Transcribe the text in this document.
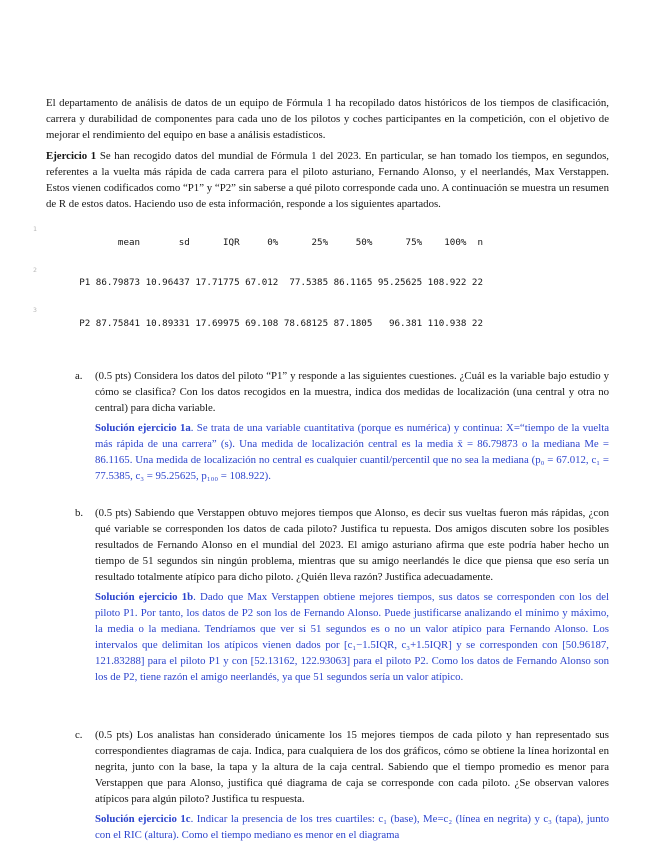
El departamento de análisis de datos de un equipo de Fórmula 1 ha recopilado datos históricos de los tiempos de clasificación, carrera y durabilidad de componentes para cada uno de los pilotos y coches participantes en la competición, con el objetivo de mejorar el rendimiento del equipo en base a análisis estadísticos.

Ejercicio 1 Se han recogido datos del mundial de Fórmula 1 del 2023. En particular, se han tomado los tiempos, en segundos, referentes a la vuelta más rápida de cada carrera para el piloto asturiano, Fernando Alonso, y el neerlandés, Max Verstappen. Estos vienen codificados como “P1” y “P2” sin saberse a qué piloto corresponde cada uno. A continuación se muestra un resumen de R de estos datos. Haciendo uso de esta información, responde a los siguientes apartados.

1
mean       sd      IQR     0%      25%     50%      75%    100%  n

2
P1 86.79873 10.96437 17.71775 67.012  77.5385 86.1165 95.25625 108.922 22

3
P2 87.75841 10.89331 17.69975 69.108 78.68125 87.1805   96.381 110.938 22

a.	(0.5 pts) Considera los datos del piloto “P1” y responde a las siguientes cuestiones. ¿Cuál es la variable bajo estudio y cómo se clasifica? Con los datos recogidos en la muestra, indica dos medidas de localización (una central y otra no central) para dicha variable.

Solución ejercicio 1a. Se trata de una variable cuantitativa (porque es numérica) y continua: X=“tiempo de la vuelta más rápida de una carrera” (s). Una medida de localización central es la media x̄ = 86.79873 o la mediana Me = 86.1165. Una medida de localización no central es cualquier cuantil/percentil que no sea la mediana (p₀ = 67.012, c₁ = 77.5385, c₃ = 95.25625, p₁₀₀ = 108.922).

b.	(0.5 pts) Sabiendo que Verstappen obtuvo mejores tiempos que Alonso, es decir sus vueltas fueron más rápidas, ¿con qué variable se corresponden los datos de cada piloto? Justifica tu repuesta. Dos amigos discuten sobre los posibles resultados de Fernando Alonso en el mundial del 2023. El amigo asturiano afirma que este podría haber hecho un tiempo de 51 segundos sin ningún problema, mientras que su amigo neerlandés le dice que piensa que eso sería un resultado totalmente atípico para dicho piloto. ¿Quién lleva razón? Justifica adecuadamente.

Solución ejercicio 1b. Dado que Max Verstappen obtiene mejores tiempos, sus datos se corresponden con los del piloto P1. Por tanto, los datos de P2 son los de Fernando Alonso. Puede justificarse analizando el mínimo y máximo, la media o la mediana. Tendríamos que ver si 51 segundos es o no un valor atípico para Fernando Alonso. Los intervalos que delimitan los atípicos vienen dados por [c₁−1.5IQR, c₃+1.5IQR] y se corresponden con [50.96187, 121.83288] para el piloto P1 y con [52.13162, 122.93063] para el piloto P2. Como los datos de Fernando Alonso son los de P2, tiene razón el amigo neerlandés, ya que 51 segundos sería un valor atípico.

c.	(0.5 pts) Los analistas han considerado únicamente los 15 mejores tiempos de cada piloto y han representado sus correspondientes diagramas de caja. Indica, para cualquiera de los dos gráficos, cómo se obtiene la línea horizontal en negrita, junto con la base, la tapa y la altura de la caja central. Sabiendo que el tiempo promedio es menor para Verstappen que para Alonso, justifica qué diagrama de caja se corresponde con cada piloto. ¿Se observan valores atípicos para algún piloto? Justifica tu respuesta.

Solución ejercicio 1c. Indicar la presencia de los tres cuartiles: c₁ (base), Me=c₂ (línea en negrita) y c₃ (tapa), junto con el RIC (altura). Como el tiempo mediano es menor en el diagrama
